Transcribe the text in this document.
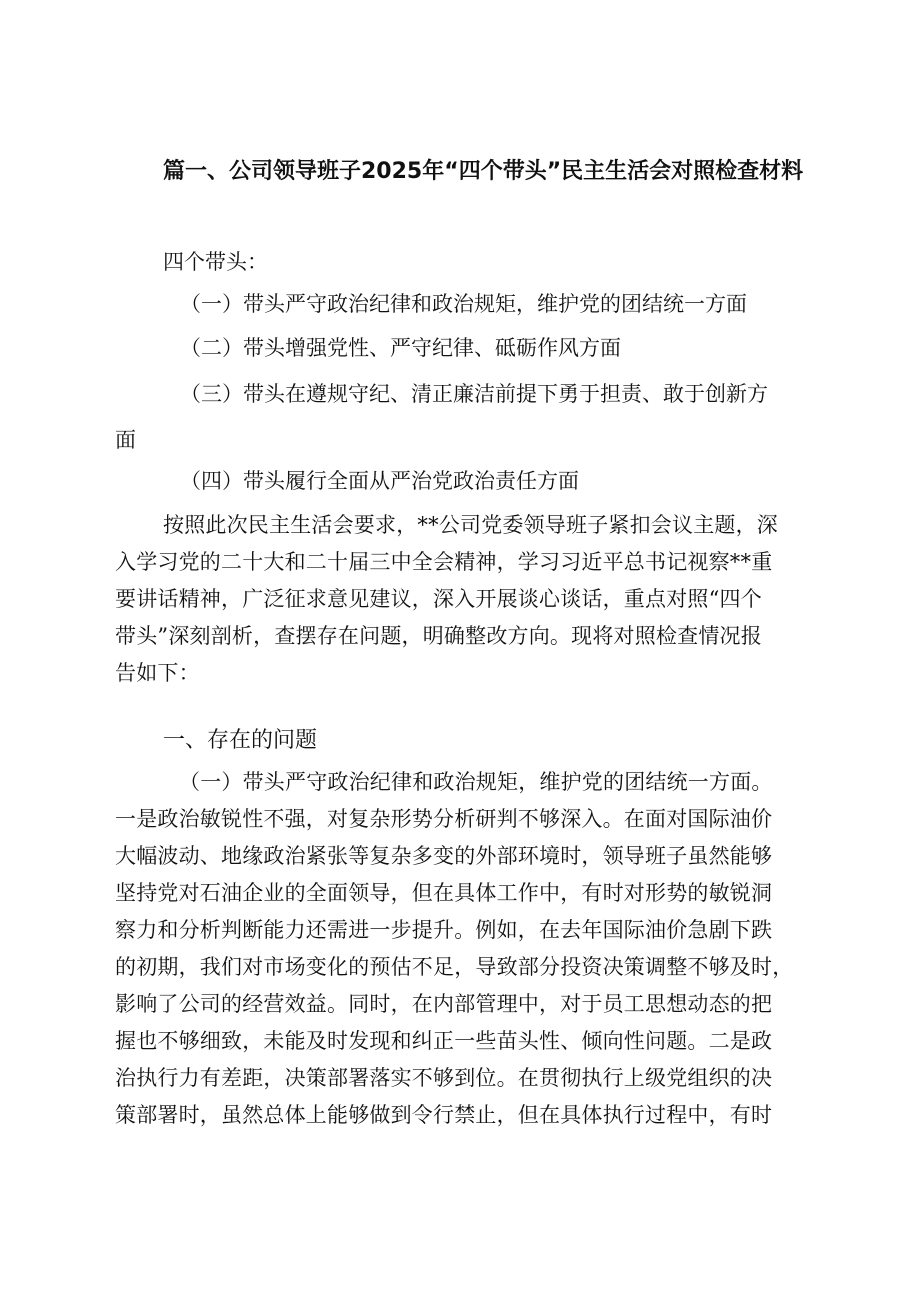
篇一、公司领导班子2025年“四个带头”民主生活会对照检查材料
四个带头：
（一）带头严守政治纪律和政治规矩，维护党的团结统一方面
（二）带头增强党性、严守纪律、砥砺作风方面
（三）带头在遵规守纪、清正廉洁前提下勇于担责、敢于创新方
面
（四）带头履行全面从严治党政治责任方面
按照此次民主生活会要求，**公司党委领导班子紧扣会议主题，深
入学习党的二十大和二十届三中全会精神，学习习近平总书记视察**重
要讲话精神，广泛征求意见建议，深入开展谈心谈话，重点对照“四个
带头”深刻剖析，查摆存在问题，明确整改方向。现将对照检查情况报
告如下：
一、存在的问题
（一）带头严守政治纪律和政治规矩，维护党的团结统一方面。
一是政治敏锐性不强，对复杂形势分析研判不够深入。在面对国际油价
大幅波动、地缘政治紧张等复杂多变的外部环境时，领导班子虽然能够
坚持党对石油企业的全面领导，但在具体工作中，有时对形势的敏锐洞
察力和分析判断能力还需进一步提升。例如，在去年国际油价急剧下跌
的初期，我们对市场变化的预估不足，导致部分投资决策调整不够及时，
影响了公司的经营效益。同时，在内部管理中，对于员工思想动态的把
握也不够细致，未能及时发现和纠正一些苗头性、倾向性问题。二是政
治执行力有差距，决策部署落实不够到位。在贯彻执行上级党组织的决
策部署时，虽然总体上能够做到令行禁止，但在具体执行过程中，有时
